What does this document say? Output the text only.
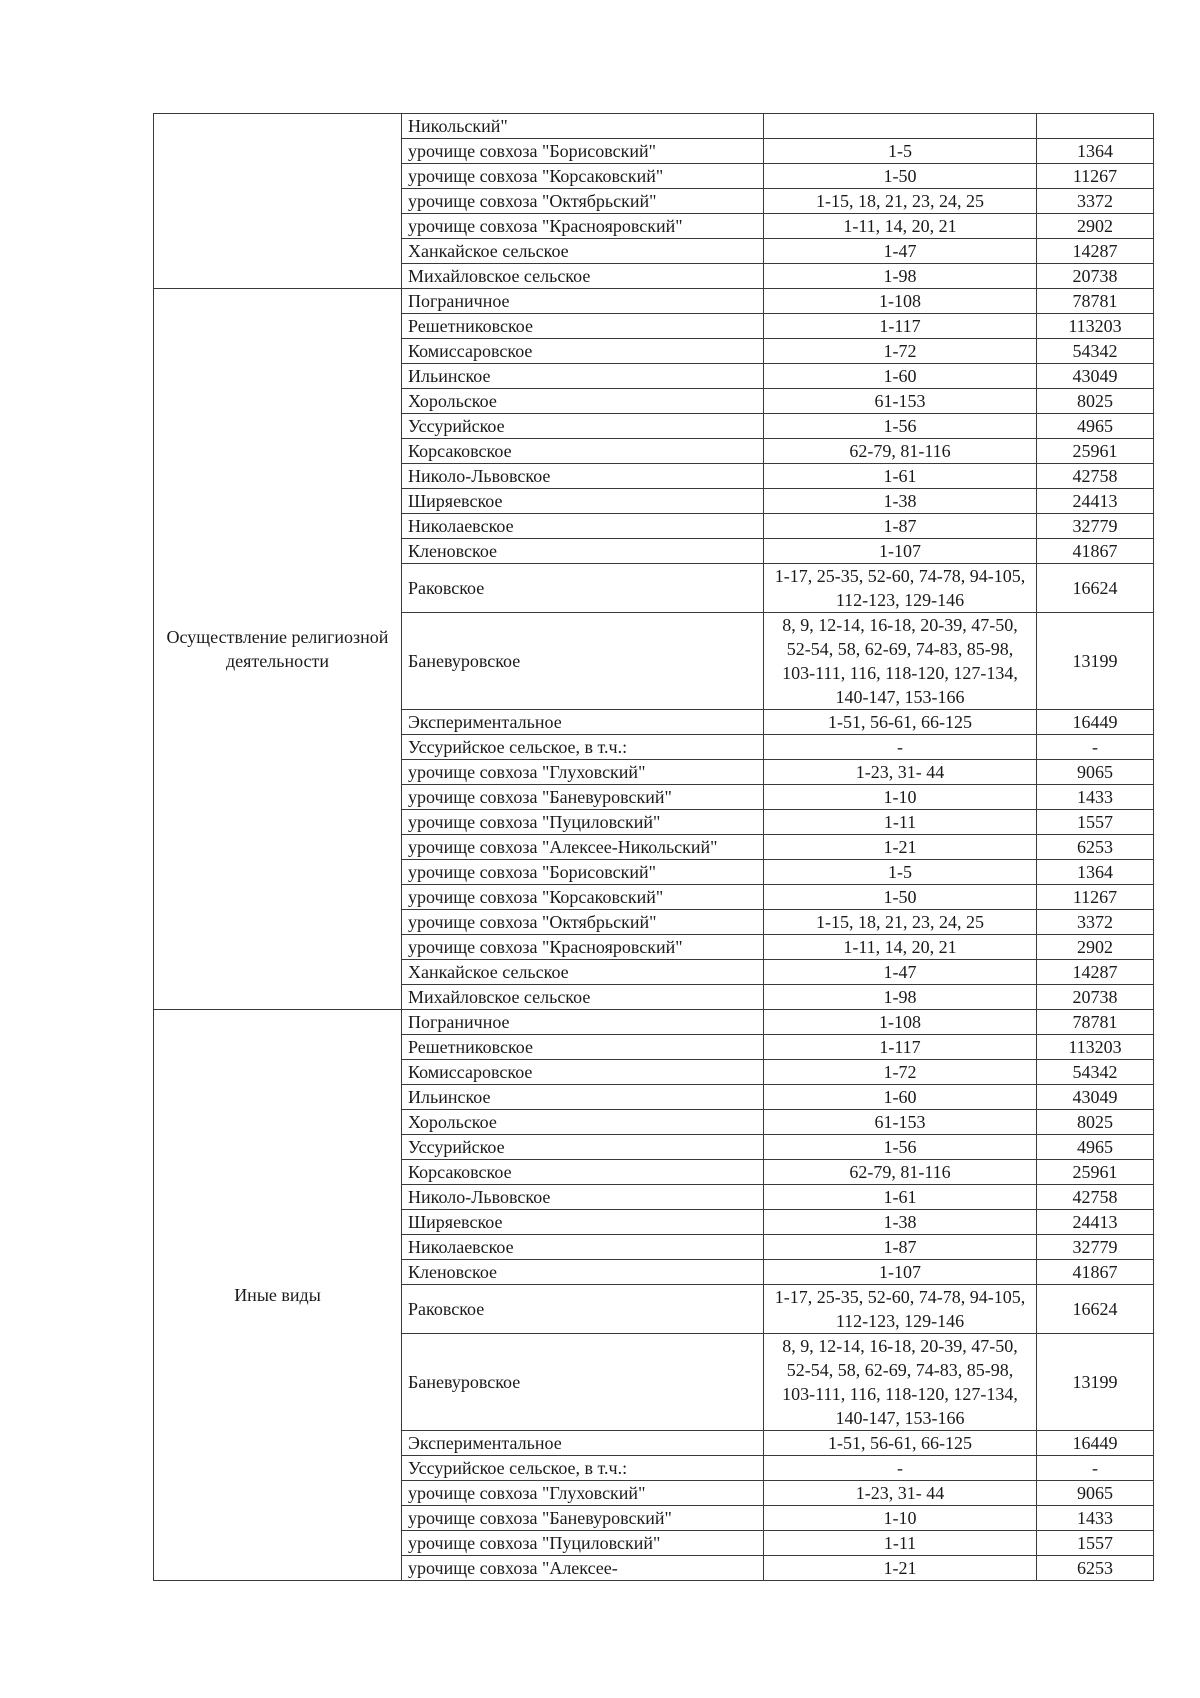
	Никольский"		
	урочище совхоза "Борисовский"	1-5	1364
	урочище совхоза "Корсаковский"	1-50	11267
	урочище совхоза "Октябрьский"	1-15, 18, 21, 23, 24, 25	3372
	урочище совхоза "Краснояровский"	1-11, 14, 20, 21	2902
	Ханкайское сельское	1-47	14287
	Михайловское сельское	1-98	20738
Осуществление религиозной деятельности	Пограничное	1-108	78781
	Решетниковское	1-117	113203
	Комиссаровское	1-72	54342
	Ильинское	1-60	43049
	Хорольское	61-153	8025
	Уссурийское	1-56	4965
	Корсаковское	62-79, 81-116	25961
	Николо-Львовское	1-61	42758
	Ширяевское	1-38	24413
	Николаевское	1-87	32779
	Кленовское	1-107	41867
	Раковское	1-17, 25-35, 52-60, 74-78, 94-105, 112-123, 129-146	16624
	Баневуровское	8, 9, 12-14, 16-18, 20-39, 47-50, 52-54, 58, 62-69, 74-83, 85-98, 103-111, 116, 118-120, 127-134, 140-147, 153-166	13199
	Экспериментальное	1-51, 56-61, 66-125	16449
	Уссурийское сельское, в т.ч.:	-	-
	урочище совхоза "Глуховский"	1-23, 31- 44	9065
	урочище совхоза "Баневуровский"	1-10	1433
	урочище совхоза "Пуциловский"	1-11	1557
	урочище совхоза "Алексее-Никольский"	1-21	6253
	урочище совхоза "Борисовский"	1-5	1364
	урочище совхоза "Корсаковский"	1-50	11267
	урочище совхоза "Октябрьский"	1-15, 18, 21, 23, 24, 25	3372
	урочище совхоза "Краснояровский"	1-11, 14, 20, 21	2902
	Ханкайское сельское	1-47	14287
	Михайловское сельское	1-98	20738
Иные виды	Пограничное	1-108	78781
	Решетниковское	1-117	113203
	Комиссаровское	1-72	54342
	Ильинское	1-60	43049
	Хорольское	61-153	8025
	Уссурийское	1-56	4965
	Корсаковское	62-79, 81-116	25961
	Николо-Львовское	1-61	42758
	Ширяевское	1-38	24413
	Николаевское	1-87	32779
	Кленовское	1-107	41867
	Раковское	1-17, 25-35, 52-60, 74-78, 94-105, 112-123, 129-146	16624
	Баневуровское	8, 9, 12-14, 16-18, 20-39, 47-50, 52-54, 58, 62-69, 74-83, 85-98, 103-111, 116, 118-120, 127-134, 140-147, 153-166	13199
	Экспериментальное	1-51, 56-61, 66-125	16449
	Уссурийское сельское, в т.ч.:	-	-
	урочище совхоза "Глуховский"	1-23, 31- 44	9065
	урочище совхоза "Баневуровский"	1-10	1433
	урочище совхоза "Пуциловский"	1-11	1557
	урочище совхоза "Алексее-	1-21	6253
